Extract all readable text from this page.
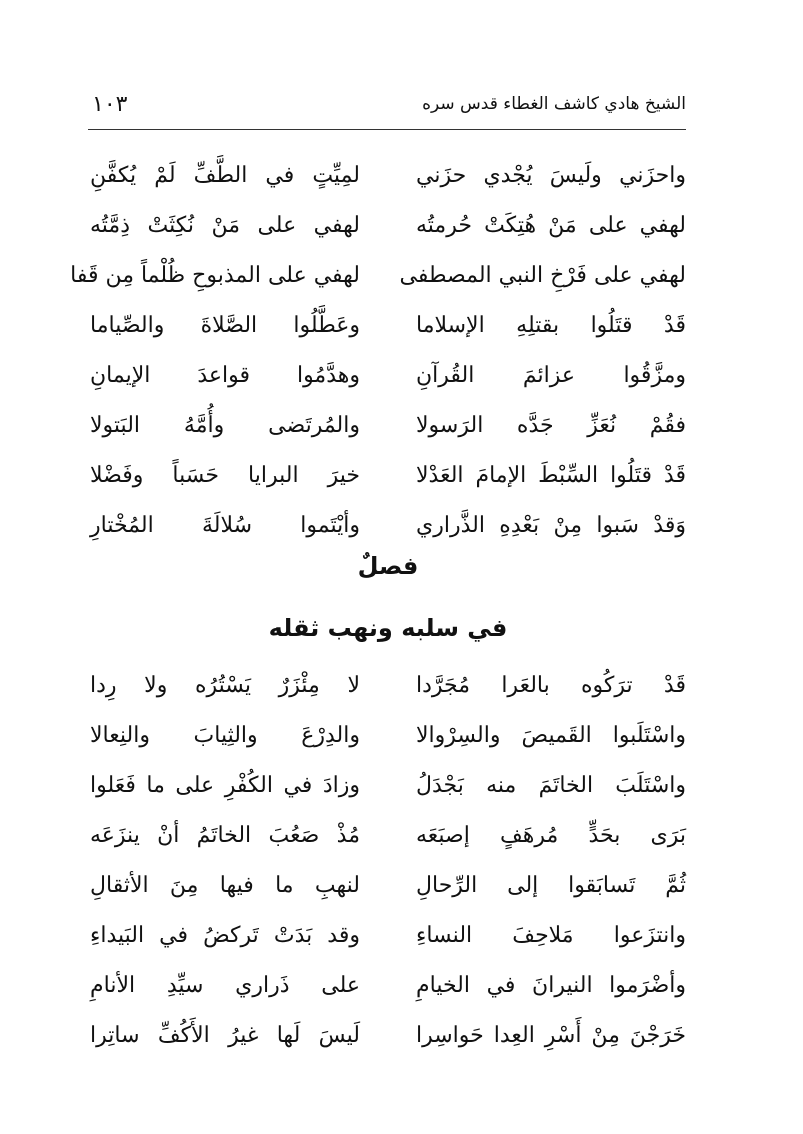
١٠٣	الشيخ هادي كاشف الغطاء قدس سره
واحزَني ولَيسَ يُجْدي حزَني
لمِيِّتٍ في الطَّفِّ لَمْ يُكفَّنِ
لهفي على مَنْ هُتِكَتْ حُرمتُه
لهفي على مَنْ نُكِثَتْ ذِمَّتُه
لهفي على فَرْخِ النبي المصطفى
لهفي على المذبوحِ ظُلْماً مِن قَفا
قَدْ قتَلُوا بقتلِهِ الإسلاما
وعَطَّلُوا الصَّلاةَ والصِّياما
ومزَّقُوا عزائمَ القُرآنِ
وهدَّمُوا قواعدَ الإيمانِ
فقُمْ نُعَزِّ جَدَّه الرَسولا
والمُرتَضى وأُمَّهُ البَتولا
قَدْ قتَلُوا السِّبْطَ الإمامَ العَدْلا
خيرَ البرايا حَسَباً وفَضْلا
وَقدْ سَبوا مِنْ بَعْدِهِ الذَّراري
وأيْتَموا سُلالَةَ المُخْتارِ
فصلٌ
في سلبه ونهب ثقله
قَدْ ترَكُوه بالعَرا مُجَرَّدا
لا مِئْزَرٌ يَسْتُرُه ولا رِدا
واسْتَلَبوا القَميصَ والسِرْوالا
والدِرْعَ والثِيابَ والنِعالا
واسْتَلَبَ الخاتَمَ منه بَجْدَلُ
وزادَ في الكُفْرِ على ما فَعَلوا
بَرَى بحَدٍّ مُرهَفٍ إصبَعَه
مُذْ صَعُبَ الخاتَمُ أنْ ينزَعَه
ثُمَّ تَسابَقوا إلى الرِّحالِ
لنهبِ ما فيها مِنَ الأثقالِ
وانتزَعوا مَلاحِفَ النساءِ
وقد بَدَتْ تَركضُ في البَيداءِ
وأضْرَموا النيرانَ في الخيامِ
على ذَراري سيِّدِ الأنامِ
خَرَجْنَ مِنْ أَسْرِ العِدا حَواسِرا
لَيسَ لَها غيرُ الأَكُفِّ ساتِرا
